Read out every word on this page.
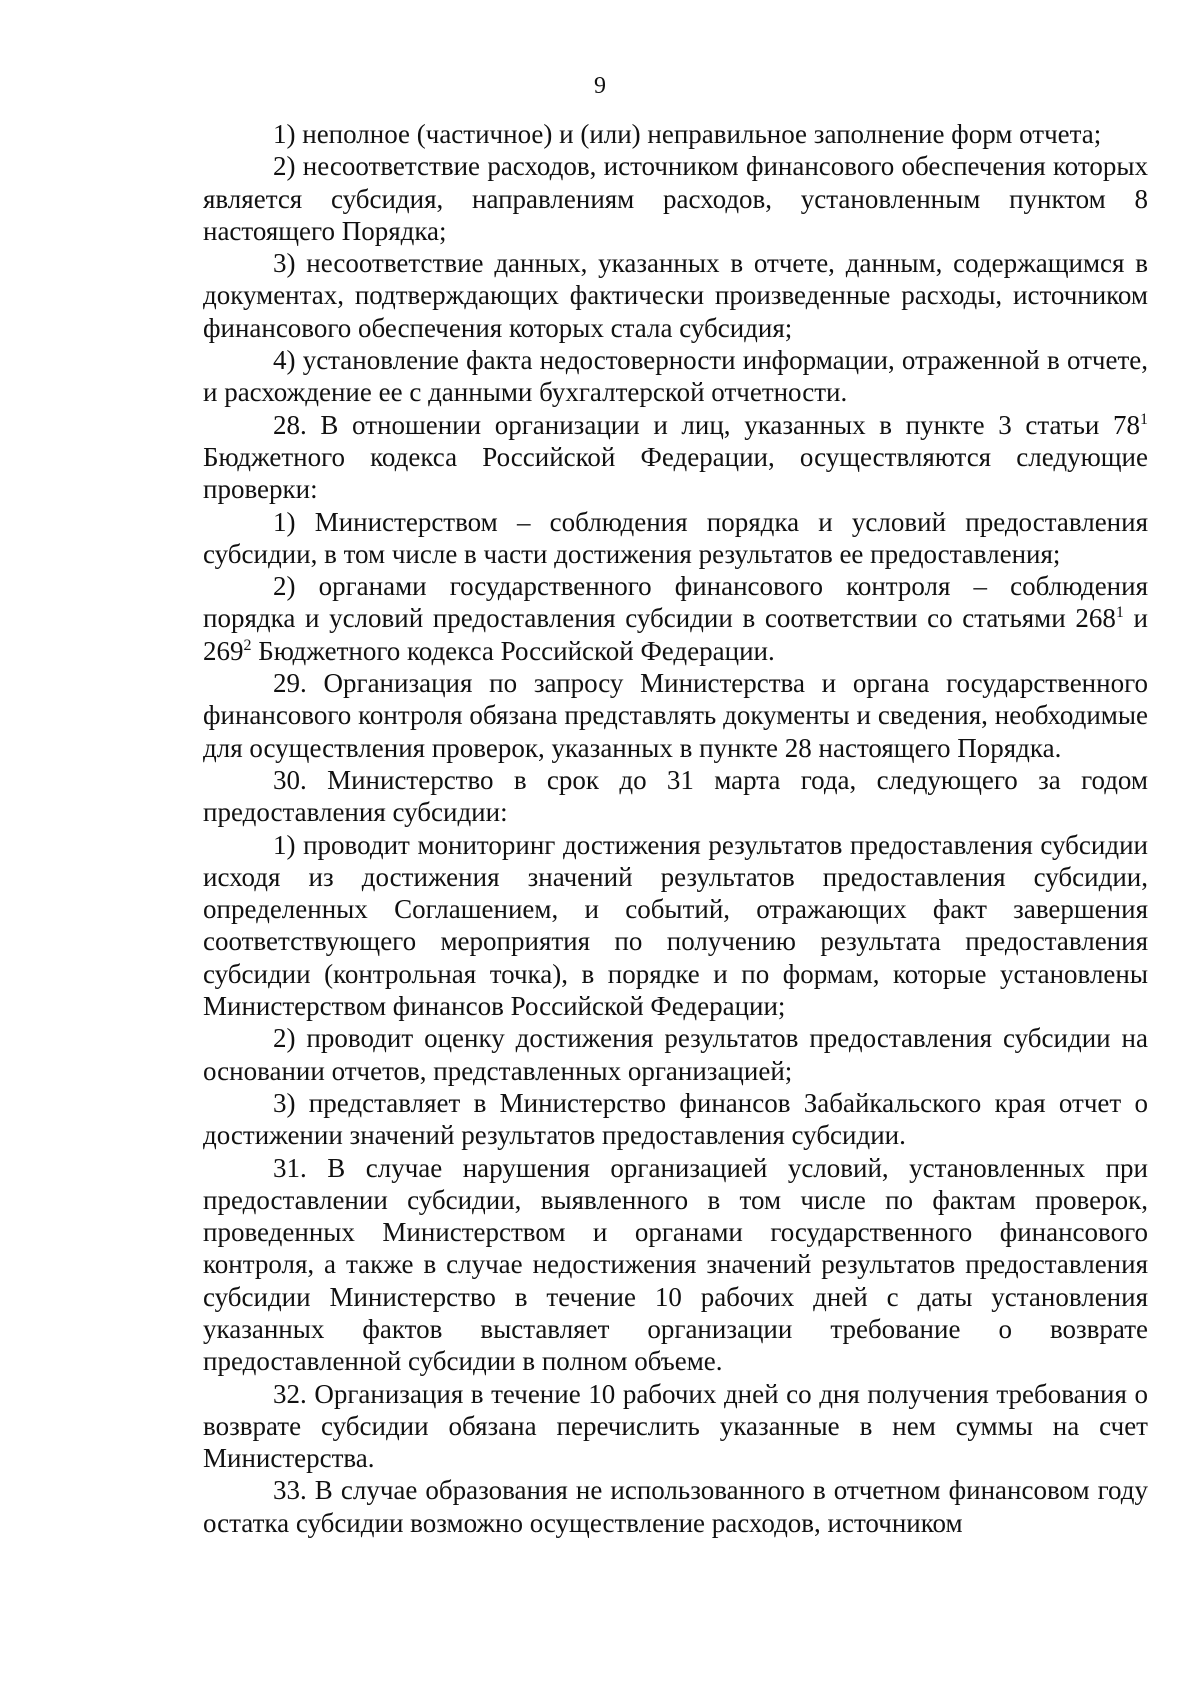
9

1) неполное (частичное) и (или) неправильное заполнение форм отчета;

2) несоответствие расходов, источником финансового обеспечения которых является субсидия, направлениям расходов, установленным пунктом 8 настоящего Порядка;

3) несоответствие данных, указанных в отчете, данным, содержащимся в документах, подтверждающих фактически произведенные расходы, источником финансового обеспечения которых стала субсидия;

4) установление факта недостоверности информации, отраженной в отчете, и расхождение ее с данными бухгалтерской отчетности.

28. В отношении организации и лиц, указанных в пункте 3 статьи $78^1$ Бюджетного кодекса Российской Федерации, осуществляются следующие проверки:

1) Министерством – соблюдения порядка и условий предоставления субсидии, в том числе в части достижения результатов ее предоставления;

2) органами государственного финансового контроля – соблюдения порядка и условий предоставления субсидии в соответствии со статьями $268^1$ и $269^2$ Бюджетного кодекса Российской Федерации.

29. Организация по запросу Министерства и органа государственного финансового контроля обязана представлять документы и сведения, необходимые для осуществления проверок, указанных в пункте 28 настоящего Порядка.

30. Министерство в срок до 31 марта года, следующего за годом предоставления субсидии:

1) проводит мониторинг достижения результатов предоставления субсидии исходя из достижения значений результатов предоставления субсидии, определенных Соглашением, и событий, отражающих факт завершения соответствующего мероприятия по получению результата предоставления субсидии (контрольная точка), в порядке и по формам, которые установлены Министерством финансов Российской Федерации;

2) проводит оценку достижения результатов предоставления субсидии на основании отчетов, представленных организацией;

3) представляет в Министерство финансов Забайкальского края отчет о достижении значений результатов предоставления субсидии.

31. В случае нарушения организацией условий, установленных при предоставлении субсидии, выявленного в том числе по фактам проверок, проведенных Министерством и органами государственного финансового контроля, а также в случае недостижения значений результатов предоставления субсидии Министерство в течение 10 рабочих дней с даты установления указанных фактов выставляет организации требование о возврате предоставленной субсидии в полном объеме.

32. Организация в течение 10 рабочих дней со дня получения требования о возврате субсидии обязана перечислить указанные в нем суммы на счет Министерства.

33. В случае образования не использованного в отчетном финансовом году остатка субсидии возможно осуществление расходов, источником
